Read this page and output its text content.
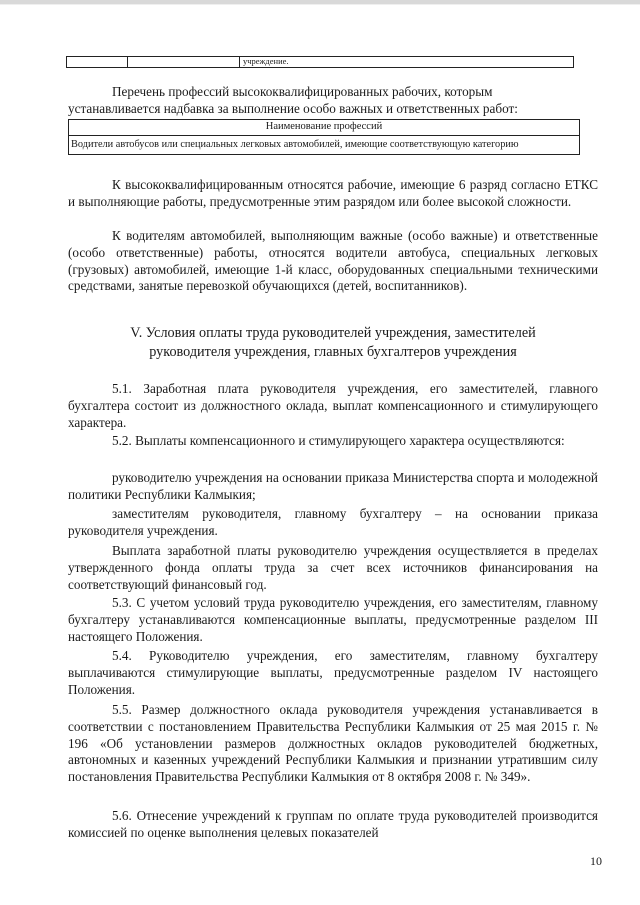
учреждение.

Перечень профессий высококвалифицированных рабочих, которым

устанавливается надбавка за выполнение особо важных и ответственных работ:

Наименование профессий
Водители автобусов или специальных легковых автомобилей, имеющие соответствующую категорию

К высококвалифицированным относятся рабочие, имеющие 6 разряд согласно ЕТКС и выполняющие работы, предусмотренные этим разрядом или более высокой сложности.

К водителям автомобилей, выполняющим важные (особо важные) и ответственные (особо ответственные) работы, относятся водители автобуса, специальных легковых (грузовых) автомобилей, имеющие 1-й класс, оборудованных специальными техническими средствами, занятые перевозкой обучающихся (детей, воспитанников).

V. Условия оплаты труда руководителей учреждения, заместителей
руководителя учреждения, главных бухгалтеров учреждения

5.1. Заработная плата руководителя учреждения, его заместителей, главного бухгалтера состоит из должностного оклада, выплат компенсационного и стимулирующего характера.

5.2. Выплаты компенсационного и стимулирующего характера осуществляются:

руководителю учреждения на основании приказа Министерства спорта и молодежной политики Республики Калмыкия;

заместителям руководителя, главному бухгалтеру – на основании приказа руководителя учреждения.

Выплата заработной платы руководителю учреждения осуществляется в пределах утвержденного фонда оплаты труда за счет всех источников финансирования на соответствующий финансовый год.

5.3. С учетом условий труда руководителю учреждения, его заместителям, главному бухгалтеру устанавливаются компенсационные выплаты, предусмотренные разделом III настоящего Положения.

5.4. Руководителю учреждения, его заместителям, главному бухгалтеру выплачиваются стимулирующие выплаты, предусмотренные разделом IV настоящего Положения.

5.5. Размер должностного оклада руководителя учреждения устанавливается в соответствии с постановлением Правительства Республики Калмыкия от 25 мая 2015 г. № 196 «Об установлении размеров должностных окладов руководителей бюджетных, автономных и казенных учреждений Республики Калмыкия и признании утратившим силу постановления Правительства Республики Калмыкия от 8 октября 2008 г. № 349».

5.6. Отнесение учреждений к группам по оплате труда руководителей производится комиссией по оценке выполнения целевых показателей

10
